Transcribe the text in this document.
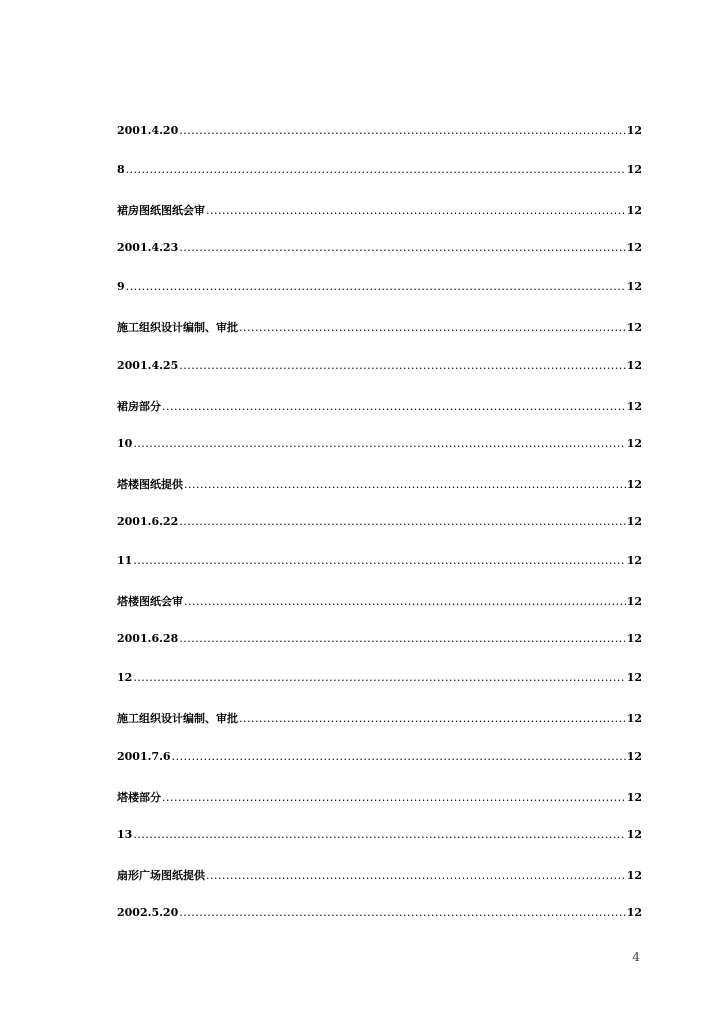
2001.4.20 .....	12
8 .....	12
裙房图纸图纸会审 .....	12
2001.4.23 .....	12
9 .....	12
施工组织设计编制、审批 .....	12
2001.4.25 .....	12
裙房部分 .....	12
10 .....	12
塔楼图纸提供 .....	12
2001.6.22 .....	12
11 .....	12
塔楼图纸会审 .....	12
2001.6.28 .....	12
12 .....	12
施工组织设计编制、审批 .....	12
2001.7.6 .....	12
塔楼部分 .....	12
13 .....	12
扇形广场图纸提供 .....	12
2002.5.20 .....	12
4
